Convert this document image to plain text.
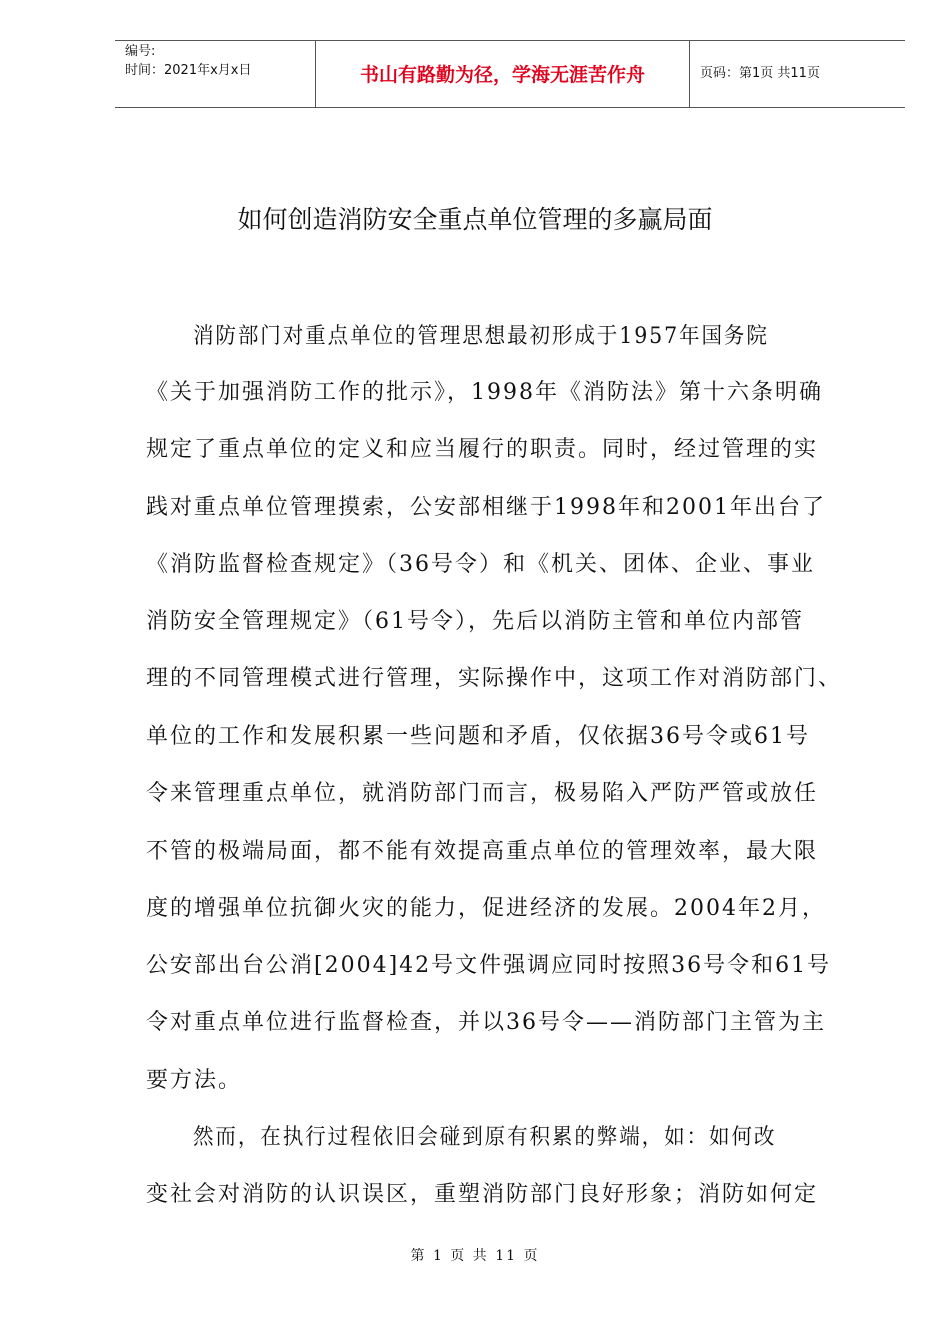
编号:
时间：2021年x月x日	书山有路勤为径，学海无涯苦作舟	页码：第1页 共11页
如何创造消防安全重点单位管理的多赢局面
消防部门对重点单位的管理思想最初形成于1957年国务院
《关于加强消防工作的批示》，1998年《消防法》第十六条明确
规定了重点单位的定义和应当履行的职责。同时，经过管理的实
践对重点单位管理摸索，公安部相继于1998年和2001年出台了
《消防监督检查规定》（36号令）和《机关、团体、企业、事业
消防安全管理规定》（61号令），先后以消防主管和单位内部管
理的不同管理模式进行管理，实际操作中，这项工作对消防部门、
单位的工作和发展积累一些问题和矛盾，仅依据36号令或61号
令来管理重点单位，就消防部门而言，极易陷入严防严管或放任
不管的极端局面，都不能有效提高重点单位的管理效率，最大限
度的增强单位抗御火灾的能力，促进经济的发展。2004年2月，
公安部出台公消[2004]42号文件强调应同时按照36号令和61号
令对重点单位进行监督检查，并以36号令——消防部门主管为主
要方法。
然而，在执行过程依旧会碰到原有积累的弊端，如：如何改
变社会对消防的认识误区，重塑消防部门良好形象；消防如何定
第 1 页 共 11 页
